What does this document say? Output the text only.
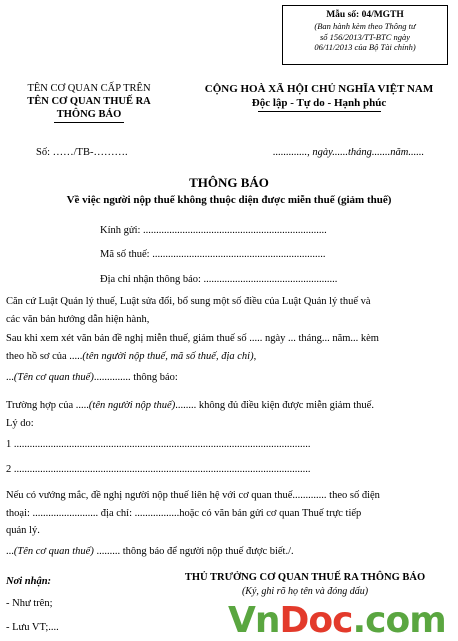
Mẫu số: 04/MGTH
(Ban hành kèm theo Thông tư
số 156/2013/TT-BTC ngày
06/11/2013 của Bộ Tài chính)
TÊN CƠ QUAN CẤP TRÊN
TÊN CƠ QUAN THUẾ RA
THÔNG BÁO
CỘNG HOÀ XÃ HỘI CHỦ NGHĨA VIỆT NAM
Độc lập - Tự do - Hạnh phúc
Số: ……/TB-……….	............., ngày......tháng.......năm......
THÔNG BÁO
Về việc người nộp thuế không thuộc diện được miễn thuế (giảm thuế)
Kính gửi: ......................................................................
Mã số thuế: ..................................................................
Địa chỉ nhận thông báo: ...................................................
Căn cứ Luật Quản lý thuế, Luật sửa đổi, bổ sung một số điều của Luật Quản lý thuế và
các văn bản hướng dẫn hiện hành,
Sau khi xem xét văn bản đề nghị miễn thuế, giảm thuế số ..... ngày ... tháng... năm... kèm
theo hồ sơ của .....(tên người nộp thuế, mã số thuế, địa chỉ),
...(Tên cơ quan thuế).............. thông báo:
Trường hợp của .....(tên người nộp thuế)........ không đủ điều kiện được miễn giảm thuế.
Lý do:
1 .................................................................................................................
2 .................................................................................................................
Nếu có vướng mắc, đề nghị người nộp thuế liên hệ với cơ quan thuế............. theo số điện
thoại: ......................... địa chỉ: .................hoặc có văn bản gửi cơ quan Thuế trực tiếp
quản lý.
...(Tên cơ quan thuế) ......... thông báo để người nộp thuế được biết./.
Nơi nhận:
- Như trên;
- Lưu VT;....
THỦ TRƯỞNG CƠ QUAN THUẾ RA THÔNG BÁO
(Ký, ghi rõ họ tên và đóng dấu)
VnDoc.com
